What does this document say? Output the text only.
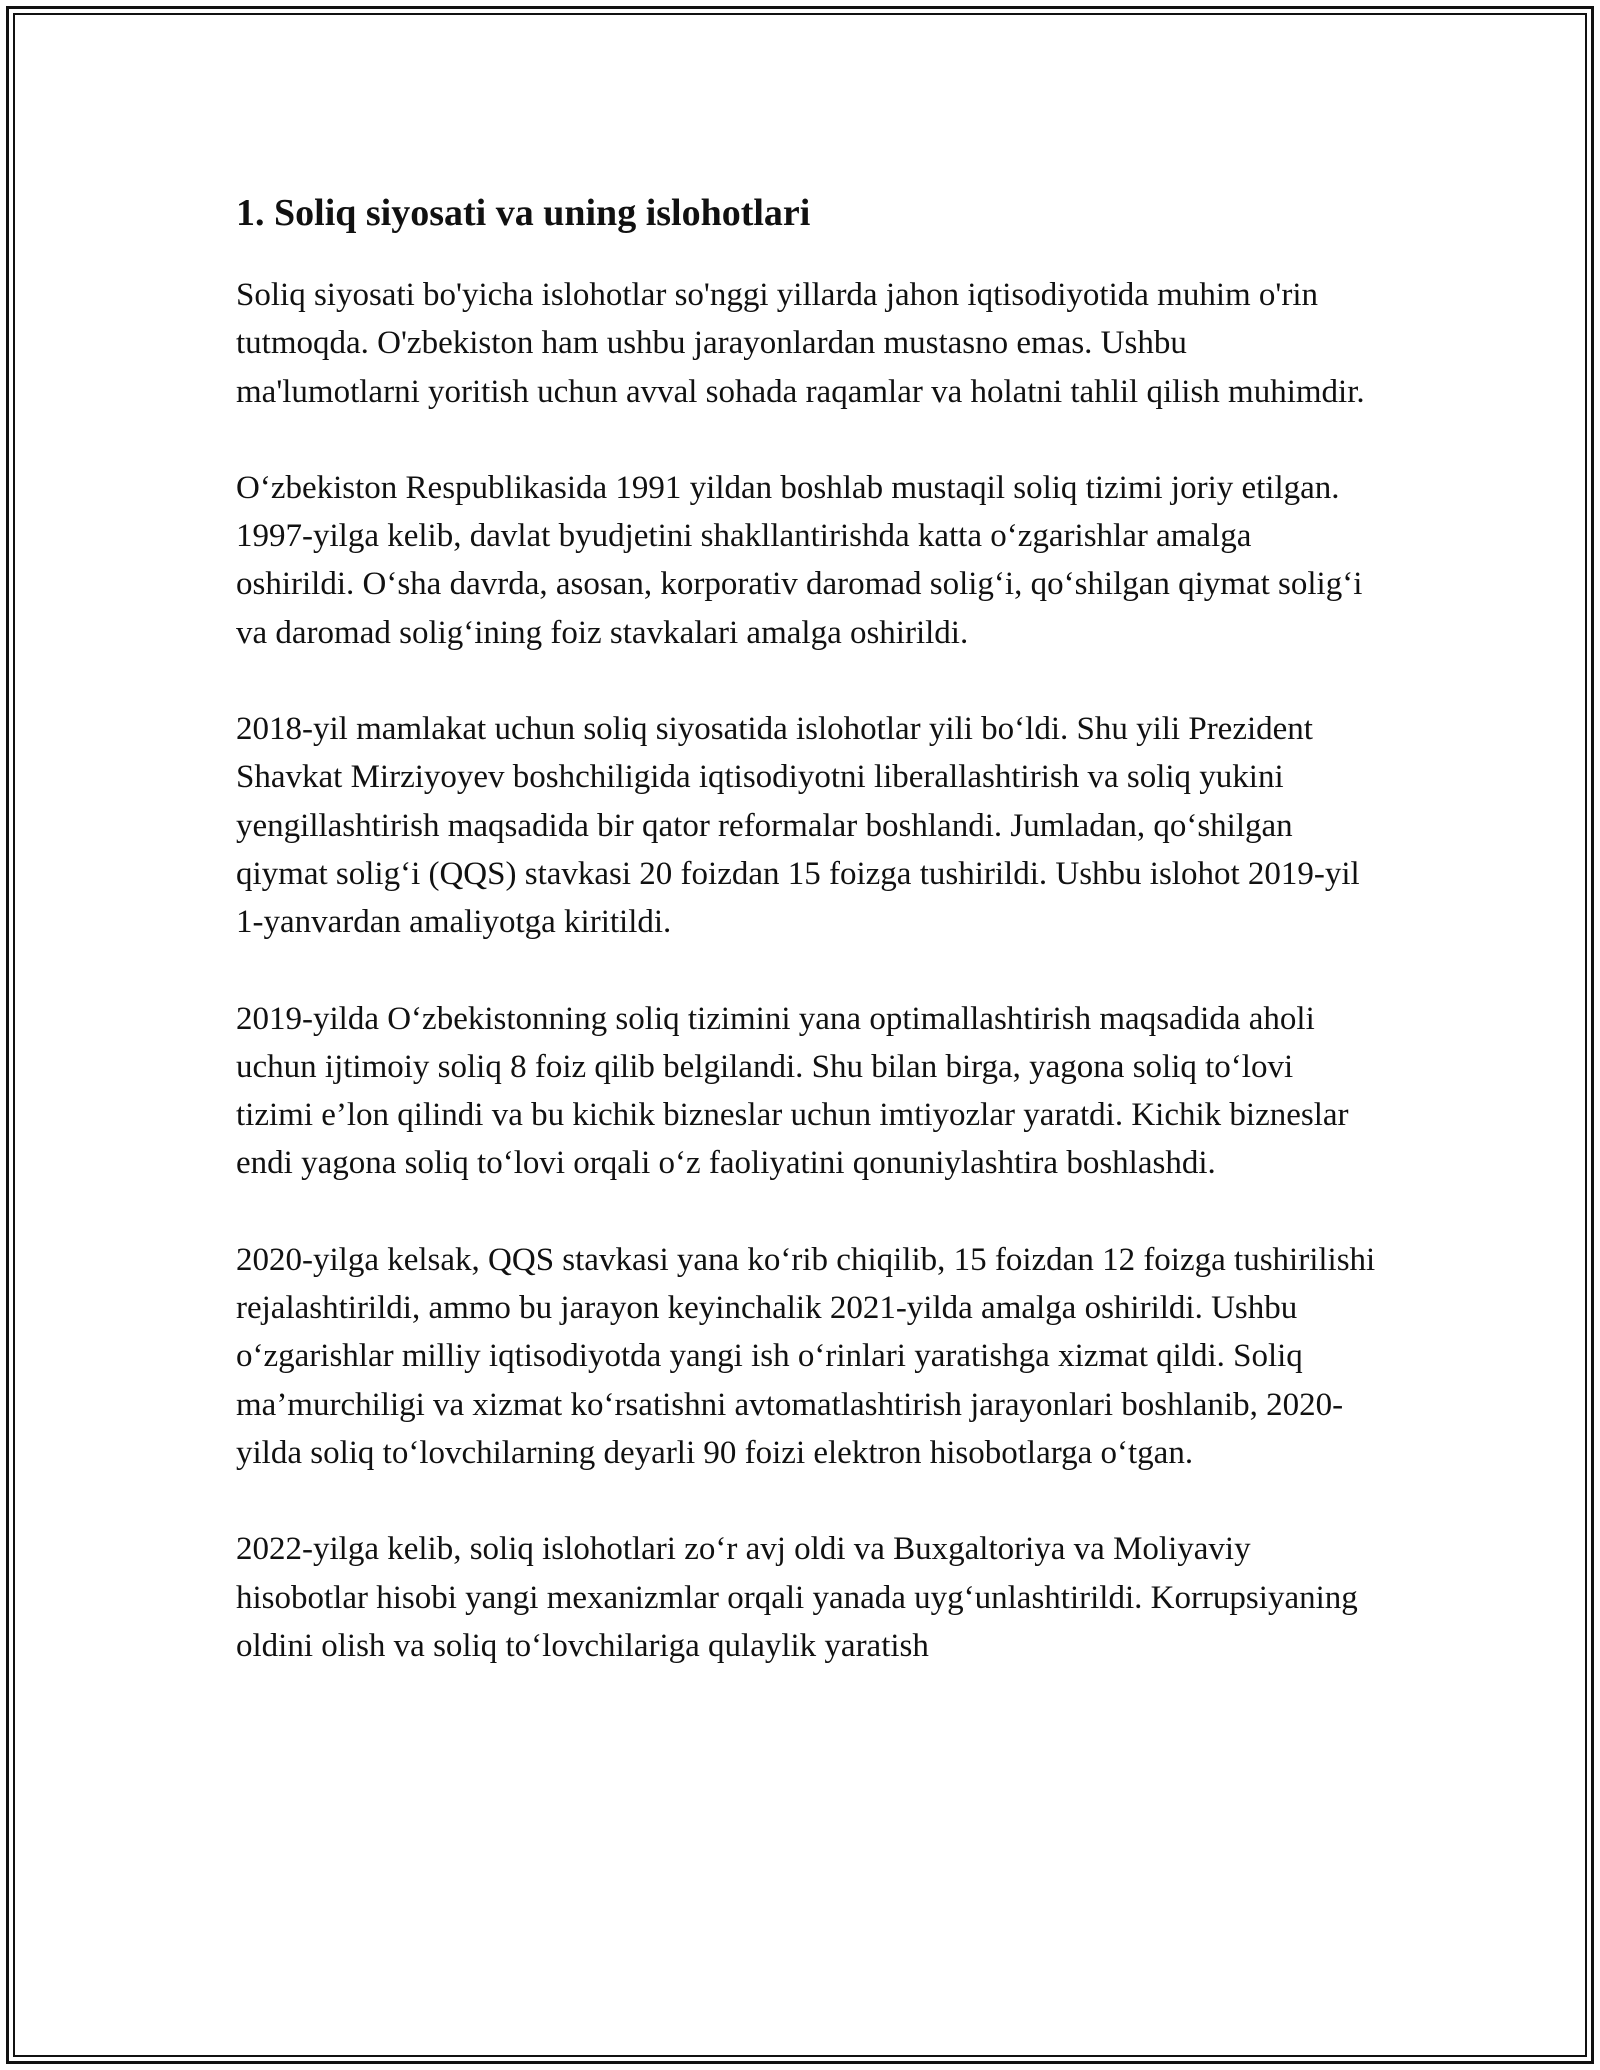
1. Soliq siyosati va uning islohotlari

Soliq siyosati bo'yicha islohotlar so'nggi yillarda jahon iqtisodiyotida muhim o'rin tutmoqda. O'zbekiston ham ushbu jarayonlardan mustasno emas. Ushbu ma'lumotlarni yoritish uchun avval sohada raqamlar va holatni tahlil qilish muhimdir.

O‘zbekiston Respublikasida 1991 yildan boshlab mustaqil soliq tizimi joriy etilgan. 1997-yilga kelib, davlat byudjetini shakllantirishda katta o‘zgarishlar amalga oshirildi. O‘sha davrda, asosan, korporativ daromad solig‘i, qo‘shilgan qiymat solig‘i va daromad solig‘ining foiz stavkalari amalga oshirildi.

2018-yil mamlakat uchun soliq siyosatida islohotlar yili bo‘ldi. Shu yili Prezident Shavkat Mirziyoyev boshchiligida iqtisodiyotni liberallashtirish va soliq yukini yengillashtirish maqsadida bir qator reformalar boshlandi. Jumladan, qo‘shilgan qiymat solig‘i (QQS) stavkasi 20 foizdan 15 foizga tushirildi. Ushbu islohot 2019-yil 1-yanvardan amaliyotga kiritildi.

2019-yilda O‘zbekistonning soliq tizimini yana optimallashtirish maqsadida aholi uchun ijtimoiy soliq 8 foiz qilib belgilandi. Shu bilan birga, yagona soliq to‘lovi tizimi e’lon qilindi va bu kichik bizneslar uchun imtiyozlar yaratdi. Kichik bizneslar endi yagona soliq to‘lovi orqali o‘z faoliyatini qonuniylashtira boshlashdi.

2020-yilga kelsak, QQS stavkasi yana ko‘rib chiqilib, 15 foizdan 12 foizga tushirilishi rejalashtirildi, ammo bu jarayon keyinchalik 2021-yilda amalga oshirildi. Ushbu o‘zgarishlar milliy iqtisodiyotda yangi ish o‘rinlari yaratishga xizmat qildi. Soliq ma’murchiligi va xizmat ko‘rsatishni avtomatlashtirish jarayonlari boshlanib, 2020-yilda soliq to‘lovchilarning deyarli 90 foizi elektron hisobotlarga o‘tgan.

2022-yilga kelib, soliq islohotlari zo‘r avj oldi va Buxgaltoriya va Moliyaviy hisobotlar hisobi yangi mexanizmlar orqali yanada uyg‘unlashtirildi. Korrupsiyaning oldini olish va soliq to‘lovchilariga qulaylik yaratish
